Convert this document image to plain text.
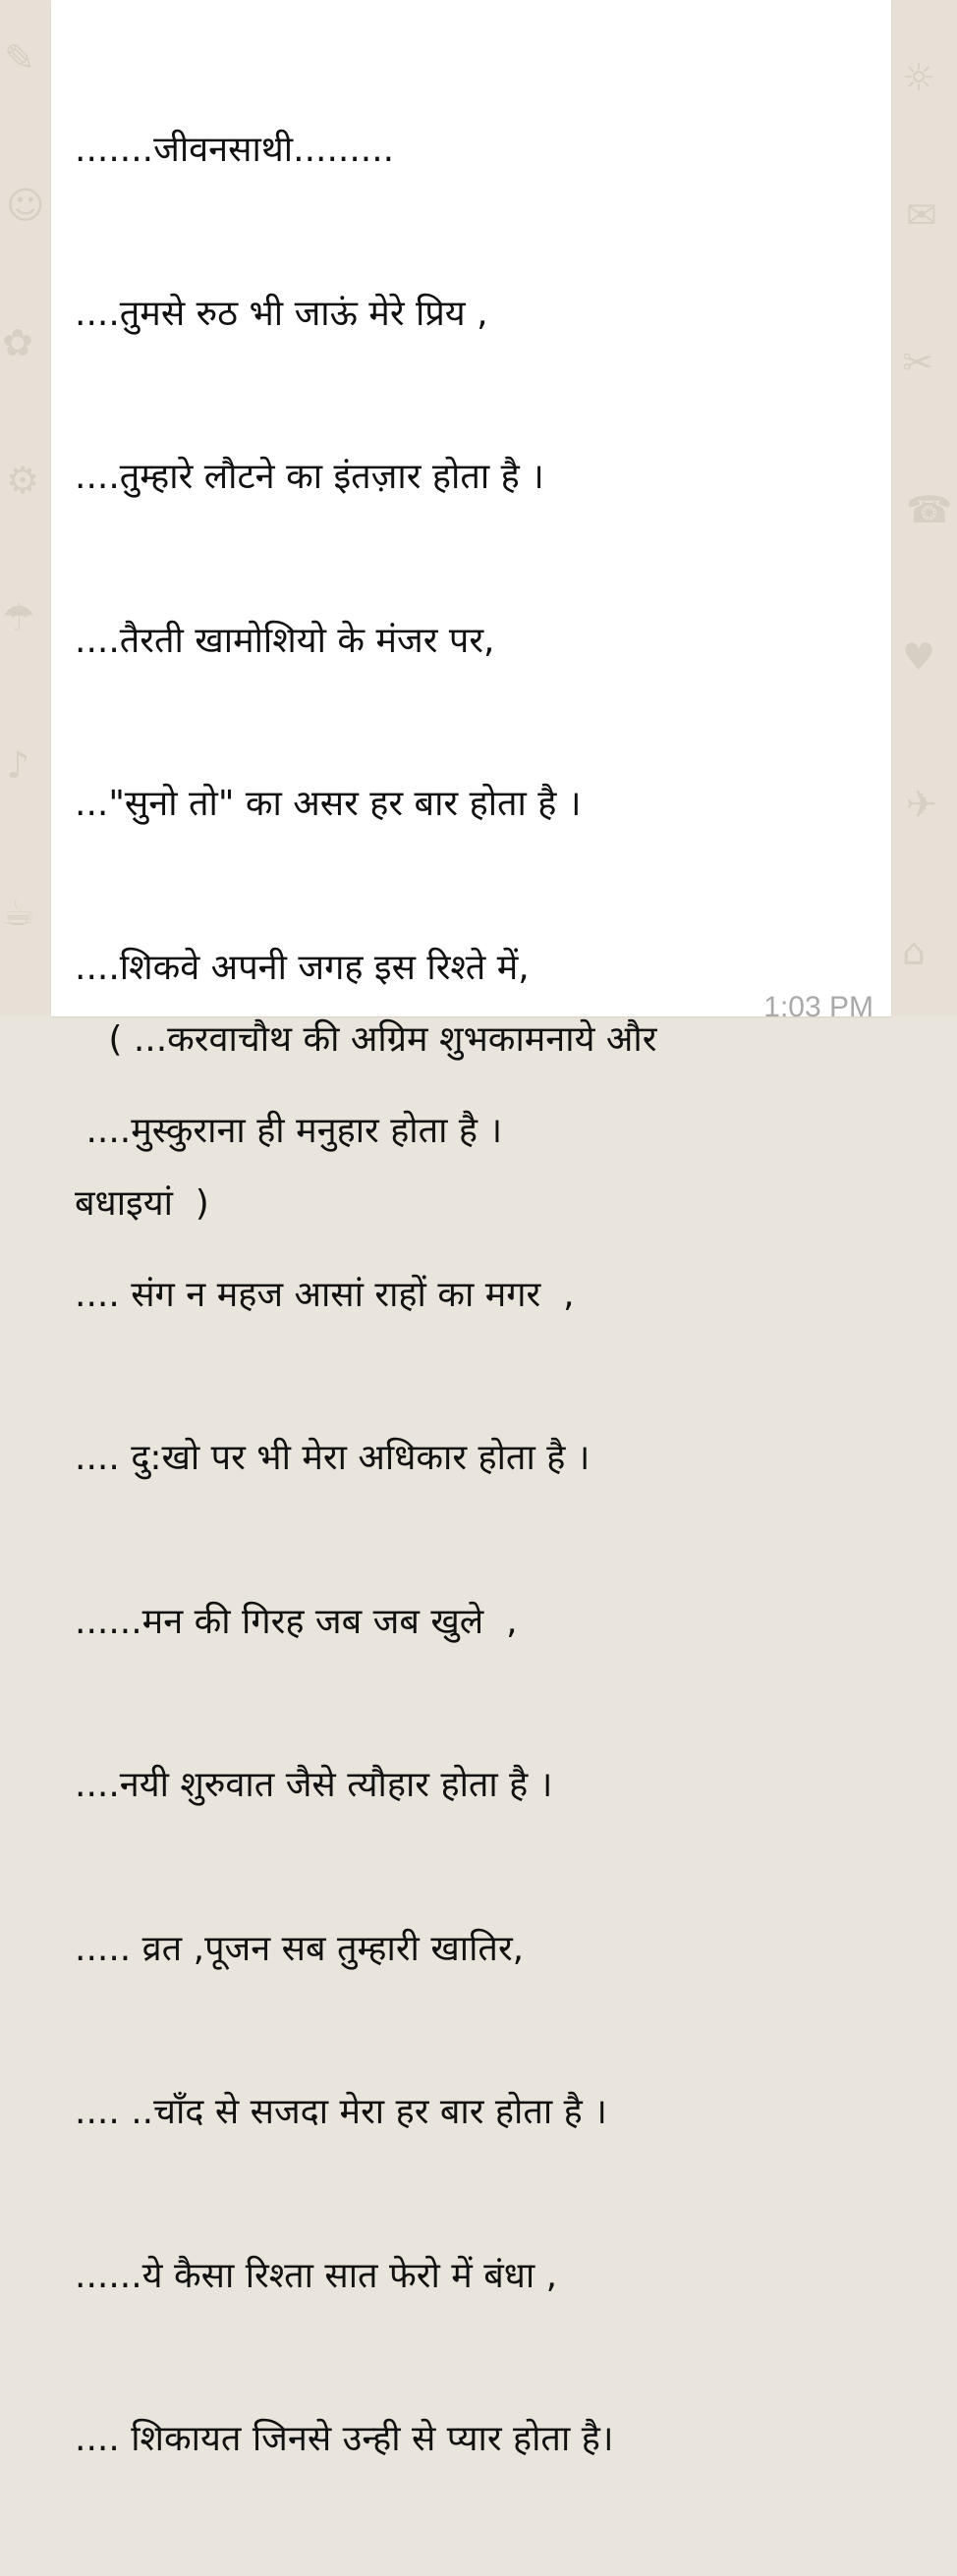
✎
☺
✿
⚙
☂
♪
☕
☼
✉
✂
☎
♥
✈
⌂

.......जीवनसाथी.........

....तुमसे रुठ भी जाऊं मेरे प्रिय ,

....तुम्हारे लौटने का इंतज़ार होता है ।

....तैरती खामोशियो के मंजर पर,

..."सुनो तो" का असर हर बार होता है ।

....शिकवे अपनी जगह इस रिश्ते में,

....मुस्कुराना ही मनुहार होता है ।

.... संग न महज आसां राहों का मगर  ,

.... दु:खो पर भी मेरा अधिकार होता है ।

......मन की गिरह जब जब खुले  ,

....नयी शुरुवात जैसे त्यौहार होता है ।

..... व्रत ,पूजन सब तुम्हारी खातिर,

.... ..चाँद से सजदा मेरा हर बार होता है ।

......ये कैसा रिश्ता सात फेरो में बंधा ,

.... शिकायत जिनसे उन्ही से प्यार होता है।

( ...करवाचौथ की अग्रिम शुभकामनाये और

बधाइयां  )

1:03 PM
